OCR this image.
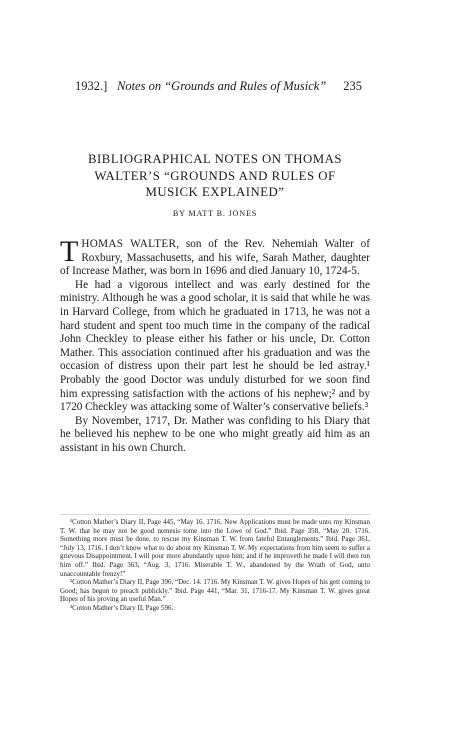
1932.] Notes on “Grounds and Rules of Musick” 235
BIBLIOGRAPHICAL NOTES ON THOMAS
WALTER’S “GROUNDS AND RULES OF
MUSICK EXPLAINED”
BY MATT B. JONES

THOMAS WALTER, son of the Rev. Nehemiah Walter of Roxbury, Massachusetts, and his wife, Sarah Mather, daughter of Increase Mather, was born in 1696 and died January 10, 1724-5.

He had a vigorous intellect and was early destined for the ministry. Although he was a good scholar, it is said that while he was in Harvard College, from which he graduated in 1713, he was not a hard student and spent too much time in the company of the radical John Checkley to please either his father or his uncle, Dr. Cotton Mather. This association continued after his graduation and was the occasion of distress upon their part lest he should be led astray.¹ Probably the good Doctor was unduly disturbed for we soon find him expressing satisfaction with the actions of his nephew;² and by 1720 Checkley was attacking some of Walter’s conservative beliefs.³

By November, 1717, Dr. Mather was confiding to his Diary that he believed his nephew to be one who might greatly aid him as an assistant in his own Church.

¹Cotton Mather’s Diary II, Page 445, “May 16. 1716. New Applications must be made unto my Kinsman T. W. that he may not be good nemesis tome into the Lowe of God.” Ibid. Page 358, “May 20. 1716. Something more must be done, to rescue my Kinsman T. W. from fateful Entanglements.” Ibid. Page 361, “July 13, 1716. I don’t know what to do about my Kinsman T. W. My expectations from him seem to suffer a grievous Disappointment. I will pour more abundantly upon him; and if he improveth he made I will then run him off.” Ibid. Page 363, “Aug. 3, 1716. Miserable T. W., abandoned by the Wrath of God, unto unaccountable frenzy!”

²Cotton Mather’s Diary II, Page 396, “Dec. 14. 1716. My Kinsman T. W. gives Hopes of his gett coming to Good; has begun to preach publickly.” Ibid. Page 441, “Mar. 31, 1716-17. My Kinsman T. W. gives great Hopes of his proving an useful Man.”

³Cotton Mather’s Diary II, Page 596.
